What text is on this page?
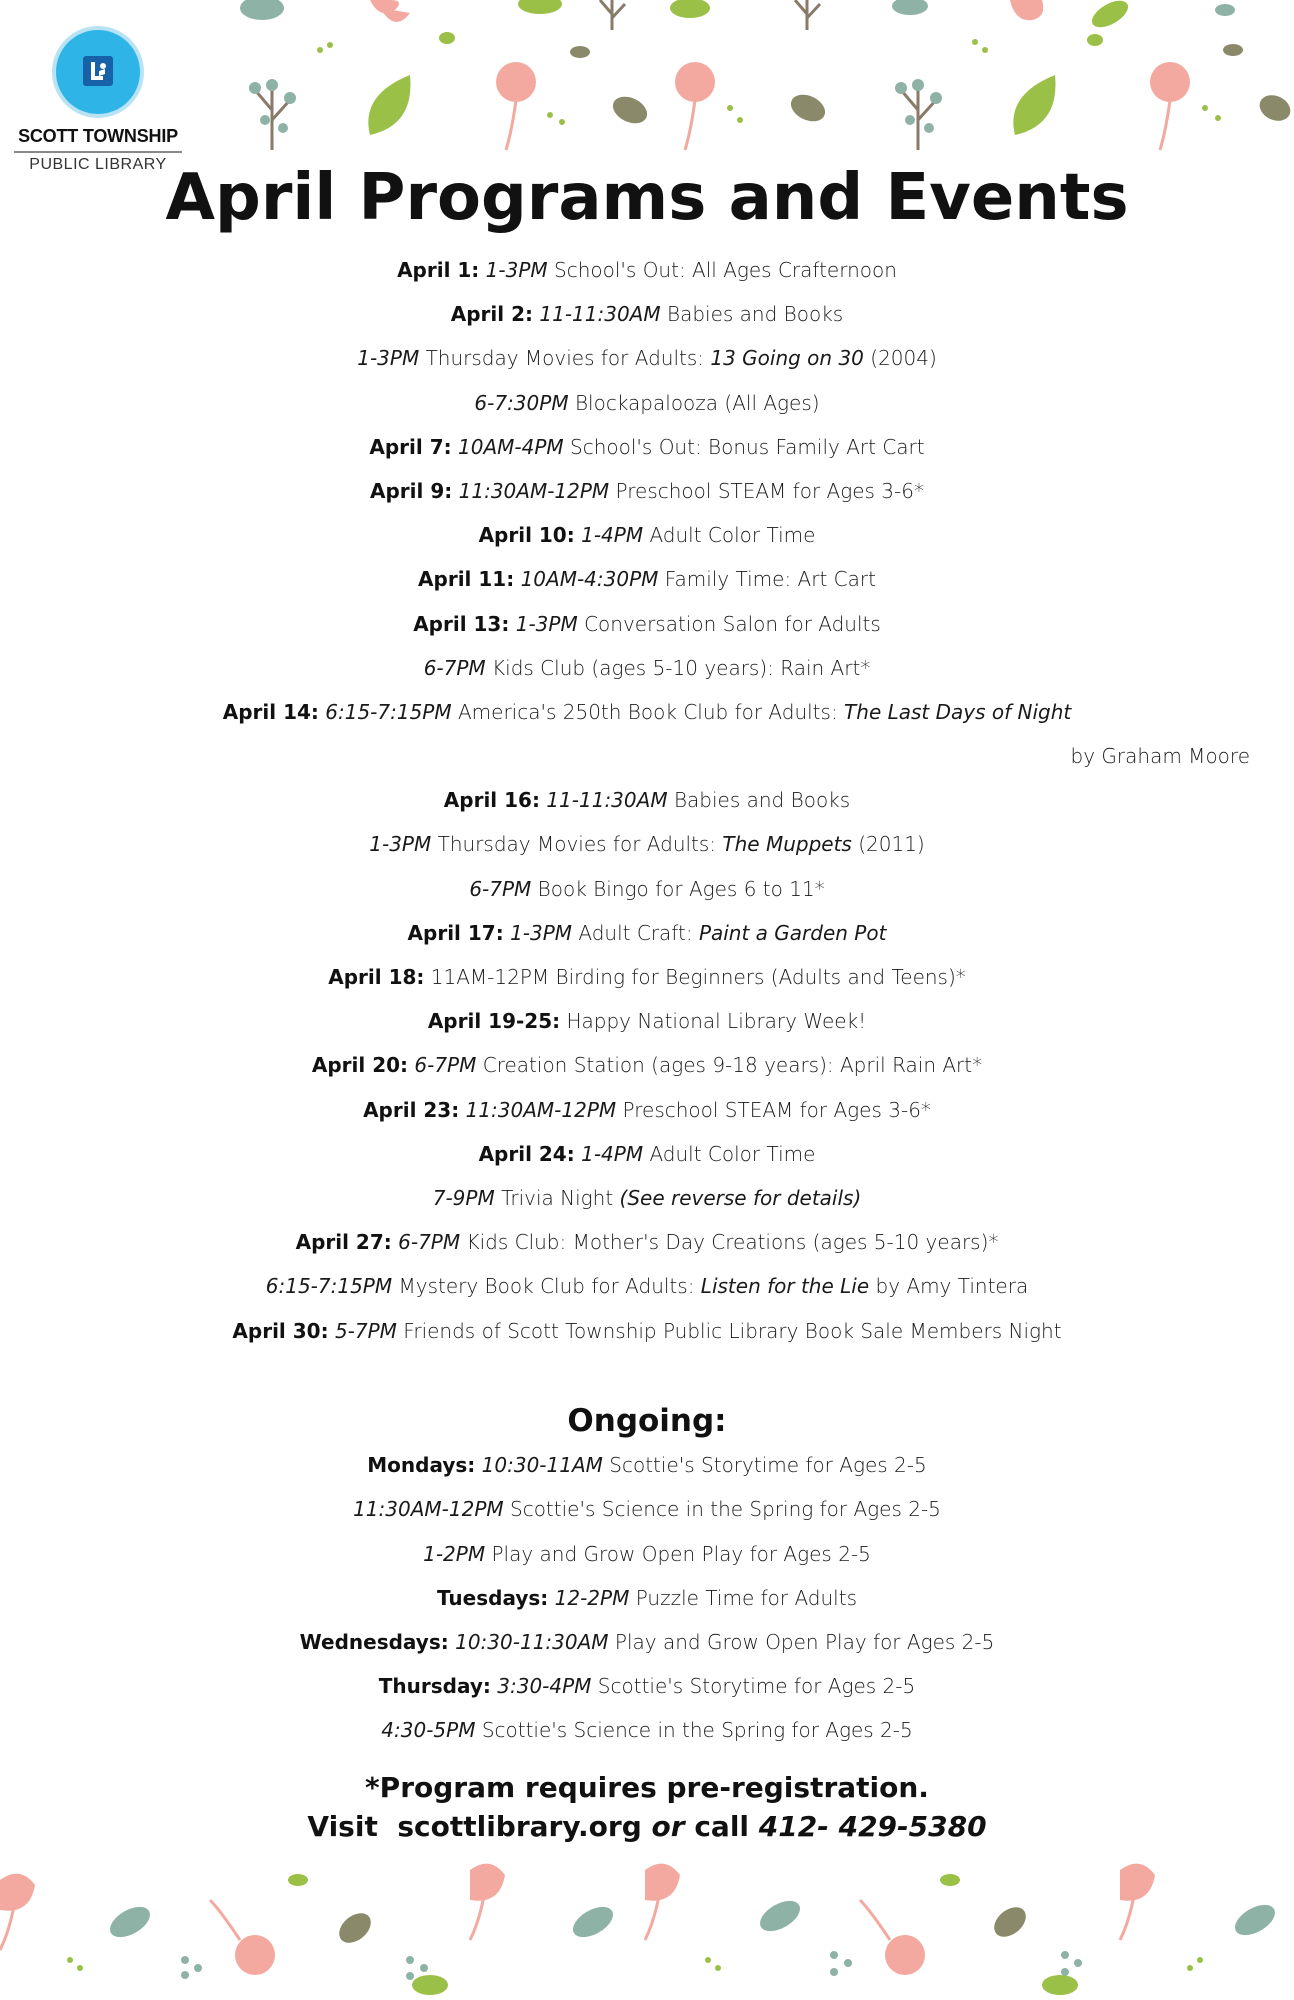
SCOTT TOWNSHIP
PUBLIC LIBRARY
April Programs and Events
April 1: 1-3PM School's Out: All Ages Crafternoon
April 2: 11-11:30AM Babies and Books
1-3PM Thursday Movies for Adults: 13 Going on 30 (2004)
6-7:30PM Blockapalooza (All Ages)
April 7: 10AM-4PM School's Out: Bonus Family Art Cart
April 9: 11:30AM-12PM Preschool STEAM for Ages 3-6*
April 10: 1-4PM Adult Color Time
April 11: 10AM-4:30PM Family Time: Art Cart
April 13: 1-3PM Conversation Salon for Adults
6-7PM Kids Club (ages 5-10 years): Rain Art*
April 14: 6:15-7:15PM America's 250th Book Club for Adults: The Last Days of Night
by Graham Moore
April 16: 11-11:30AM Babies and Books
1-3PM Thursday Movies for Adults: The Muppets (2011)
6-7PM Book Bingo for Ages 6 to 11*
April 17: 1-3PM Adult Craft: Paint a Garden Pot
April 18: 11AM-12PM Birding for Beginners (Adults and Teens)*
April 19-25: Happy National Library Week!
April 20: 6-7PM Creation Station (ages 9-18 years): April Rain Art*
April 23: 11:30AM-12PM Preschool STEAM for Ages 3-6*
April 24: 1-4PM Adult Color Time
7-9PM Trivia Night (See reverse for details)
April 27: 6-7PM Kids Club: Mother's Day Creations (ages 5-10 years)*
6:15-7:15PM Mystery Book Club for Adults: Listen for the Lie by Amy Tintera
April 30: 5-7PM Friends of Scott Township Public Library Book Sale Members Night
Ongoing:
Mondays: 10:30-11AM Scottie's Storytime for Ages 2-5
11:30AM-12PM Scottie's Science in the Spring for Ages 2-5
1-2PM Play and Grow Open Play for Ages 2-5
Tuesdays: 12-2PM Puzzle Time for Adults
Wednesdays: 10:30-11:30AM Play and Grow Open Play for Ages 2-5
Thursday: 3:30-4PM Scottie's Storytime for Ages 2-5
4:30-5PM Scottie's Science in the Spring for Ages 2-5
*Program requires pre-registration.
Visit scottlibrary.org or call 412- 429-5380
